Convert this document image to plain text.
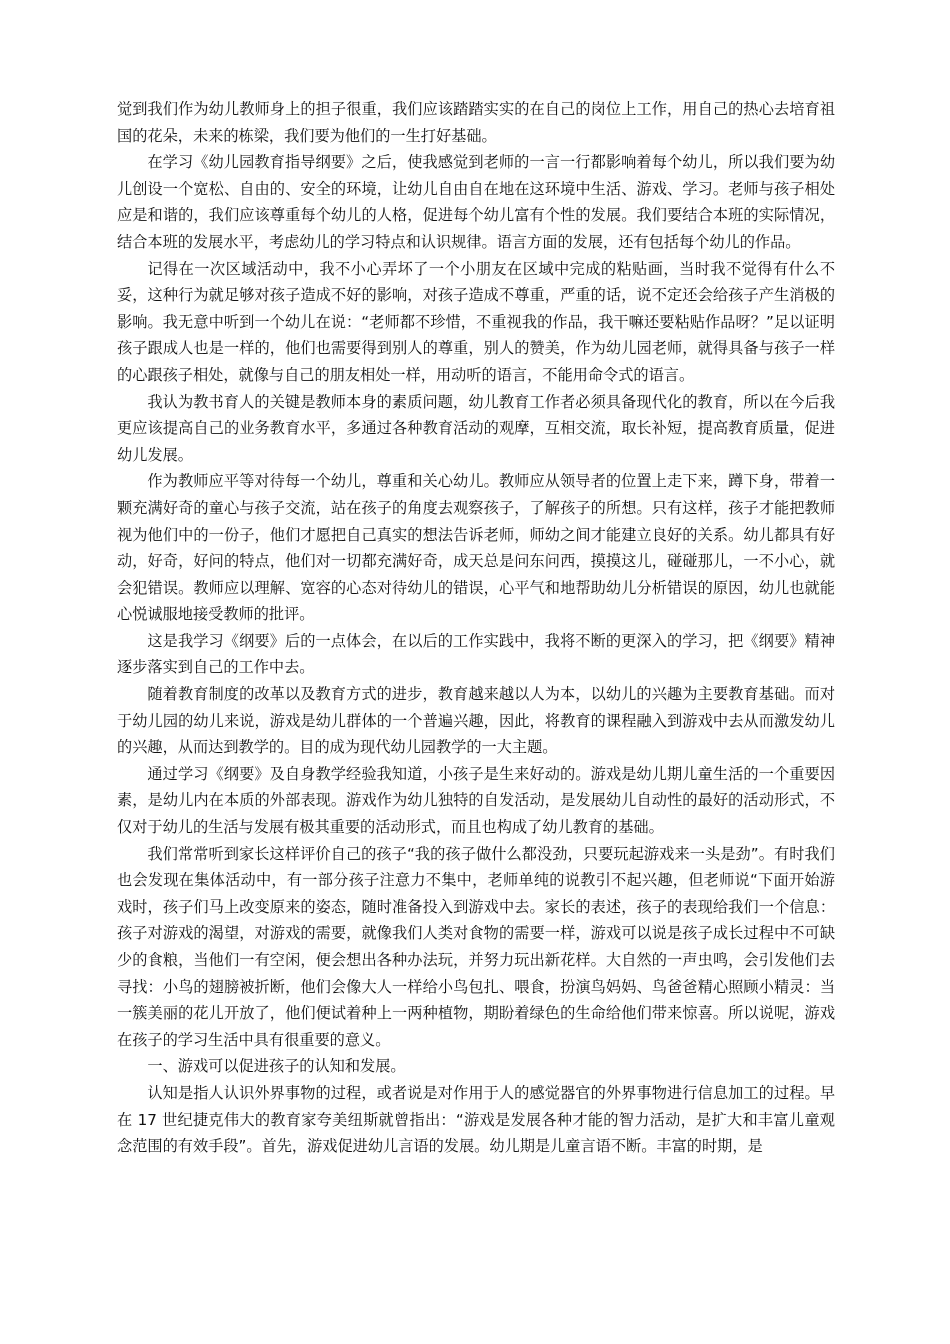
觉到我们作为幼儿教师身上的担子很重，我们应该踏踏实实的在自己的岗位上工作，用自己的热心去培育祖国的花朵，未来的栋梁，我们要为他们的一生打好基础。

在学习《幼儿园教育指导纲要》之后，使我感觉到老师的一言一行都影响着每个幼儿，所以我们要为幼儿创设一个宽松、自由的、安全的环境，让幼儿自由自在地在这环境中生活、游戏、学习。老师与孩子相处应是和谐的，我们应该尊重每个幼儿的人格，促进每个幼儿富有个性的发展。我们要结合本班的实际情况，结合本班的发展水平，考虑幼儿的学习特点和认识规律。语言方面的发展，还有包括每个幼儿的作品。

记得在一次区域活动中，我不小心弄坏了一个小朋友在区域中完成的粘贴画，当时我不觉得有什么不妥，这种行为就足够对孩子造成不好的影响，对孩子造成不尊重，严重的话，说不定还会给孩子产生消极的影响。我无意中听到一个幼儿在说：“老师都不珍惜，不重视我的作品，我干嘛还要粘贴作品呀？”足以证明孩子跟成人也是一样的，他们也需要得到别人的尊重，别人的赞美，作为幼儿园老师，就得具备与孩子一样的心跟孩子相处，就像与自己的朋友相处一样，用动听的语言，不能用命令式的语言。

我认为教书育人的关键是教师本身的素质问题，幼儿教育工作者必须具备现代化的教育，所以在今后我更应该提高自己的业务教育水平，多通过各种教育活动的观摩，互相交流，取长补短，提高教育质量，促进幼儿发展。

作为教师应平等对待每一个幼儿，尊重和关心幼儿。教师应从领导者的位置上走下来，蹲下身，带着一颗充满好奇的童心与孩子交流，站在孩子的角度去观察孩子，了解孩子的所想。只有这样，孩子才能把教师视为他们中的一份子，他们才愿把自己真实的想法告诉老师，师幼之间才能建立良好的关系。幼儿都具有好动，好奇，好问的特点，他们对一切都充满好奇，成天总是问东问西，摸摸这儿，碰碰那儿，一不小心，就会犯错误。教师应以理解、宽容的心态对待幼儿的错误，心平气和地帮助幼儿分析错误的原因，幼儿也就能心悦诚服地接受教师的批评。

这是我学习《纲要》后的一点体会，在以后的工作实践中，我将不断的更深入的学习，把《纲要》精神逐步落实到自己的工作中去。

随着教育制度的改革以及教育方式的进步，教育越来越以人为本，以幼儿的兴趣为主要教育基础。而对于幼儿园的幼儿来说，游戏是幼儿群体的一个普遍兴趣，因此，将教育的课程融入到游戏中去从而激发幼儿的兴趣，从而达到教学的。目的成为现代幼儿园教学的一大主题。

通过学习《纲要》及自身教学经验我知道，小孩子是生来好动的。游戏是幼儿期儿童生活的一个重要因素，是幼儿内在本质的外部表现。游戏作为幼儿独特的自发活动，是发展幼儿自动性的最好的活动形式，不仅对于幼儿的生活与发展有极其重要的活动形式，而且也构成了幼儿教育的基础。

我们常常听到家长这样评价自己的孩子“我的孩子做什么都没劲，只要玩起游戏来一头是劲”。有时我们也会发现在集体活动中，有一部分孩子注意力不集中，老师单纯的说教引不起兴趣，但老师说“下面开始游戏时，孩子们马上改变原来的姿态，随时准备投入到游戏中去。家长的表述，孩子的表现给我们一个信息：孩子对游戏的渴望，对游戏的需要，就像我们人类对食物的需要一样，游戏可以说是孩子成长过程中不可缺少的食粮，当他们一有空闲，便会想出各种办法玩，并努力玩出新花样。大自然的一声虫鸣，会引发他们去寻找：小鸟的翅膀被折断，他们会像大人一样给小鸟包扎、喂食，扮演鸟妈妈、鸟爸爸精心照顾小精灵：当一簇美丽的花儿开放了，他们便试着种上一两种植物，期盼着绿色的生命给他们带来惊喜。所以说呢，游戏在孩子的学习生活中具有很重要的意义。

一、游戏可以促进孩子的认知和发展。

认知是指人认识外界事物的过程，或者说是对作用于人的感觉器官的外界事物进行信息加工的过程。早在 17 世纪捷克伟大的教育家夸美纽斯就曾指出：“游戏是发展各种才能的智力活动，是扩大和丰富儿童观念范围的有效手段”。首先，游戏促进幼儿言语的发展。幼儿期是儿童言语不断。丰富的时期，是
